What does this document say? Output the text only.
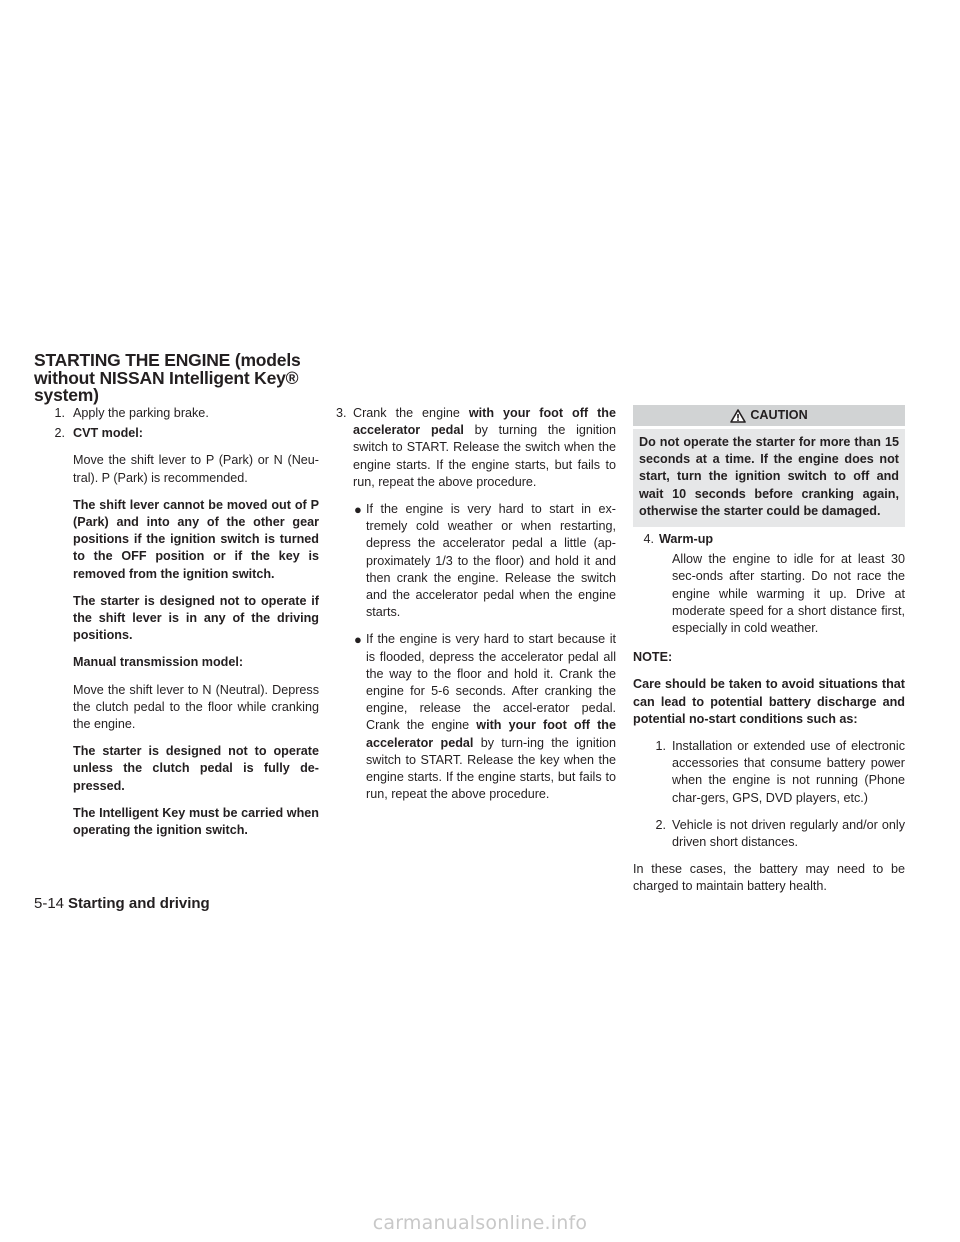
STARTING THE ENGINE (models without NISSAN Intelligent Key® system)

1. Apply the parking brake.

2. CVT model:

Move the shift lever to P (Park) or N (Neu-tral). P (Park) is recommended.

The shift lever cannot be moved out of P (Park) and into any of the other gear positions if the ignition switch is turned to the OFF position or if the key is removed from the ignition switch.

The starter is designed not to operate if the shift lever is in any of the driving positions.

Manual transmission model:

Move the shift lever to N (Neutral). Depress the clutch pedal to the floor while cranking the engine.

The starter is designed not to operate unless the clutch pedal is fully de-pressed.

The Intelligent Key must be carried when operating the ignition switch.

3. Crank the engine with your foot off the accelerator pedal by turning the ignition switch to START. Release the switch when the engine starts. If the engine starts, but fails to run, repeat the above procedure.

● If the engine is very hard to start in ex-tremely cold weather or when restarting, depress the accelerator pedal a little (ap-proximately 1/3 to the floor) and hold it and then crank the engine. Release the switch and the accelerator pedal when the engine starts.

● If the engine is very hard to start because it is flooded, depress the accelerator pedal all the way to the floor and hold it. Crank the engine for 5-6 seconds. After cranking the engine, release the accel-erator pedal. Crank the engine with your foot off the accelerator pedal by turn-ing the ignition switch to START. Release the key when the engine starts. If the engine starts, but fails to run, repeat the above procedure.

CAUTION

Do not operate the starter for more than 15 seconds at a time. If the engine does not start, turn the ignition switch to off and wait 10 seconds before cranking again, otherwise the starter could be damaged.

4. Warm-up

Allow the engine to idle for at least 30 sec-onds after starting. Do not race the engine while warming it up. Drive at moderate speed for a short distance first, especially in cold weather.

NOTE:

Care should be taken to avoid situations that can lead to potential battery discharge and potential no-start conditions such as:

1. Installation or extended use of electronic accessories that consume battery power when the engine is not running (Phone char-gers, GPS, DVD players, etc.)

2. Vehicle is not driven regularly and/or only driven short distances.

In these cases, the battery may need to be charged to maintain battery health.

5-14 Starting and driving
carmanualsonline.info
